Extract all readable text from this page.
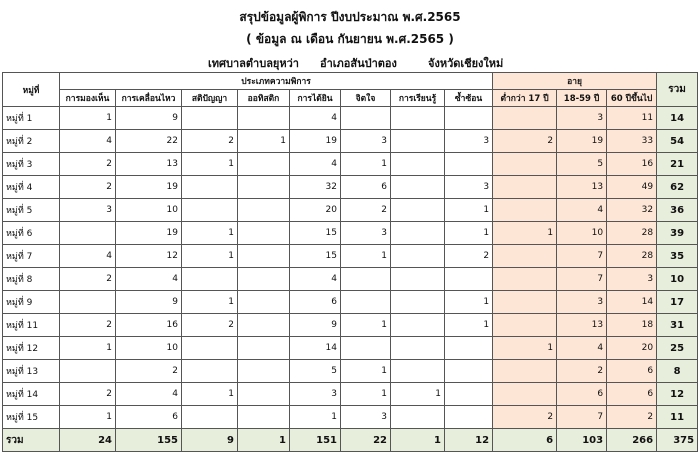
สรุปข้อมูลผู้พิการ ปีงบประมาณ พ.ศ.2565
( ข้อมูล ณ เดือน กันยายน พ.ศ.2565 )
เทศบาลตำบลยุหว่า อำเภอสันป่าตอง	จังหวัดเชียงใหม่
หมู่ที่	ประเภทความพิการ								อายุ			รวม
	การมองเห็น	การเคลื่อนไหว	สติปัญญา	ออทิสติก	การได้ยิน	จิตใจ	การเรียนรู้	ซ้ำซ้อน	ต่ำกว่า 17 ปี	18-59 ปี	60 ปีขึ้นไป	
หมู่ที่ 1	1	9			4					3	11	14
หมู่ที่ 2	4	22	2	1	19	3		3	2	19	33	54
หมู่ที่ 3	2	13	1		4	1				5	16	21
หมู่ที่ 4	2	19			32	6		3		13	49	62
หมู่ที่ 5	3	10			20	2		1		4	32	36
หมู่ที่ 6		19	1		15	3		1	1	10	28	39
หมู่ที่ 7	4	12	1		15	1		2		7	28	35
หมู่ที่ 8	2	4			4					7	3	10
หมู่ที่ 9		9	1		6			1		3	14	17
หมู่ที่ 11	2	16	2		9	1		1		13	18	31
หมู่ที่ 12	1	10			14				1	4	20	25
หมู่ที่ 13		2			5	1				2	6	8
หมู่ที่ 14	2	4	1		3	1	1			6	6	12
หมู่ที่ 15	1	6			1	3			2	7	2	11
รวม	24	155	9	1	151	22	1	12	6	103	266	375
